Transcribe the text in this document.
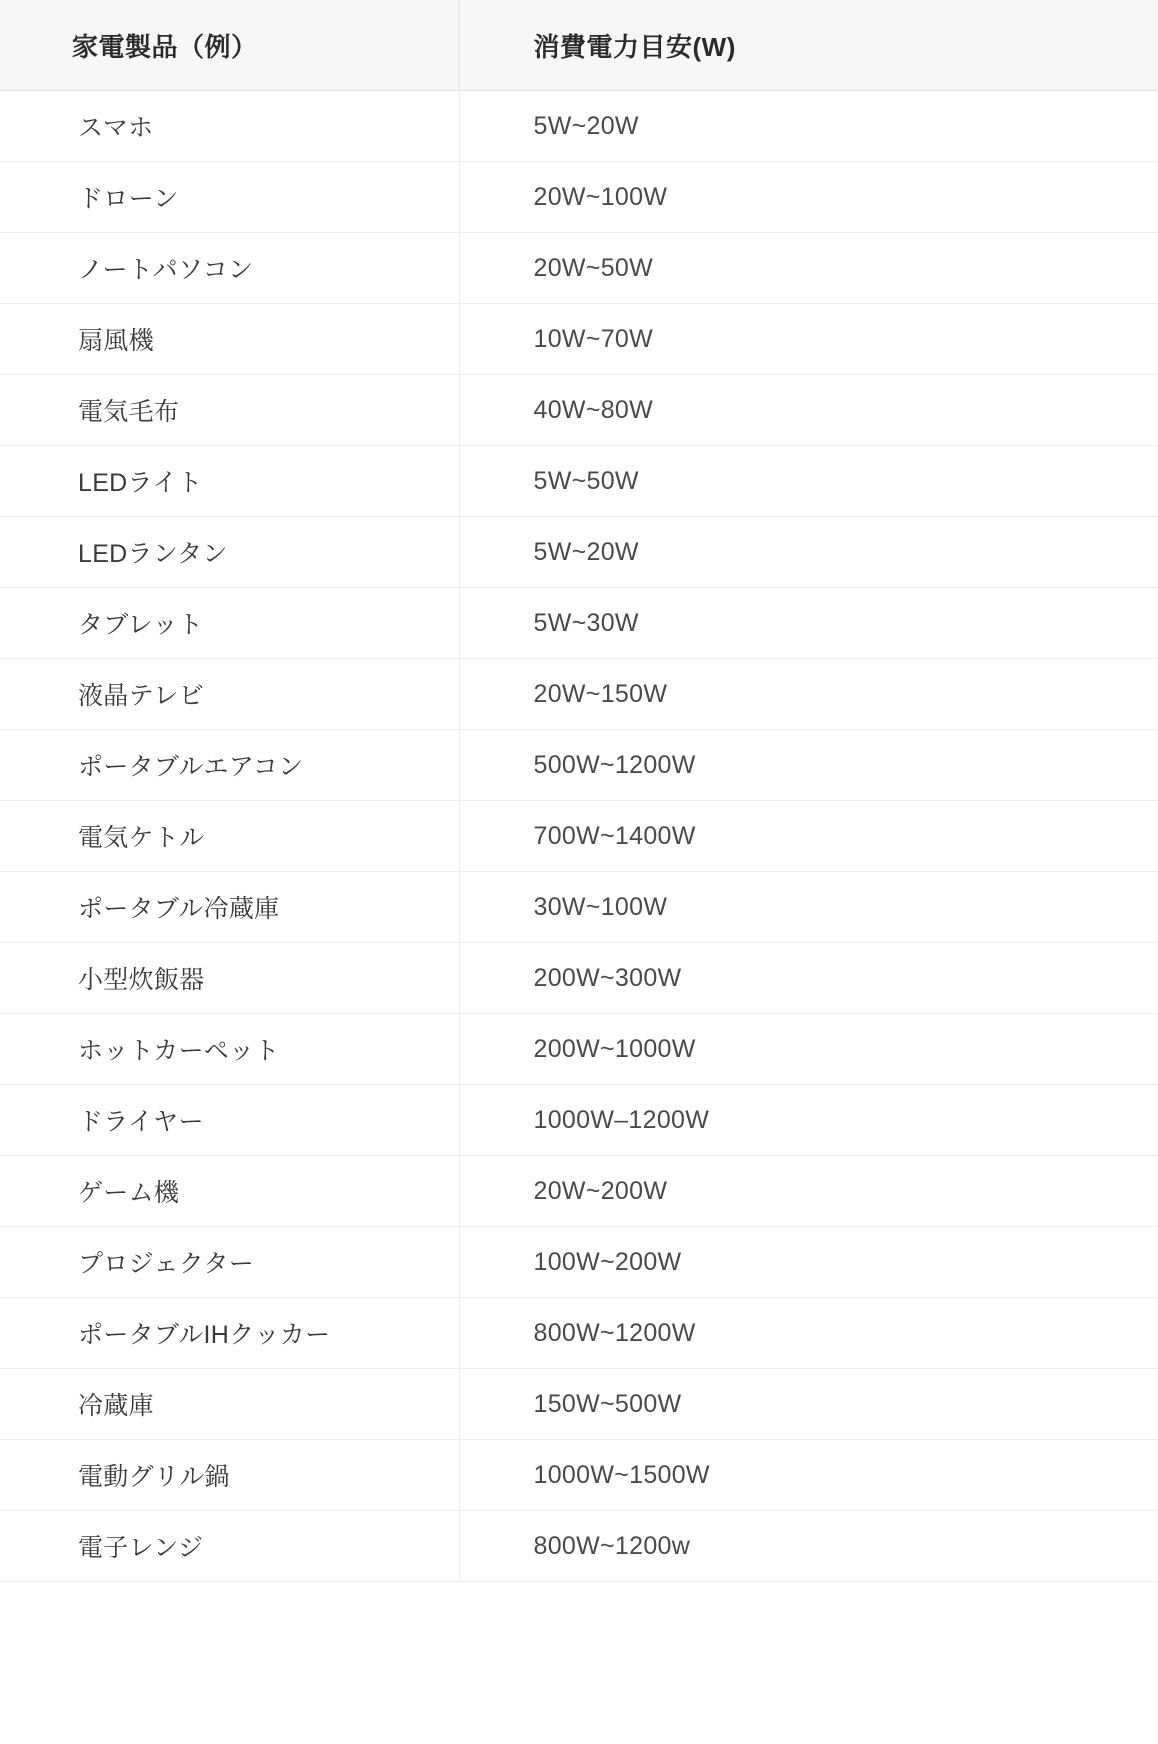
家電製品（例）	消費電力目安(W)
スマホ	5W~20W
ドローン	20W~100W
ノートパソコン	20W~50W
扇風機	10W~70W
電気毛布	40W~80W
LEDライト	5W~50W
LEDランタン	5W~20W
タブレット	5W~30W
液晶テレビ	20W~150W
ポータブルエアコン	500W~1200W
電気ケトル	700W~1400W
ポータブル冷蔵庫	30W~100W
小型炊飯器	200W~300W
ホットカーペット	200W~1000W
ドライヤー	1000W–1200W
ゲーム機	20W~200W
プロジェクター	100W~200W
ポータブルIHクッカー	800W~1200W
冷蔵庫	150W~500W
電動グリル鍋	1000W~1500W
電子レンジ	800W~1200w
